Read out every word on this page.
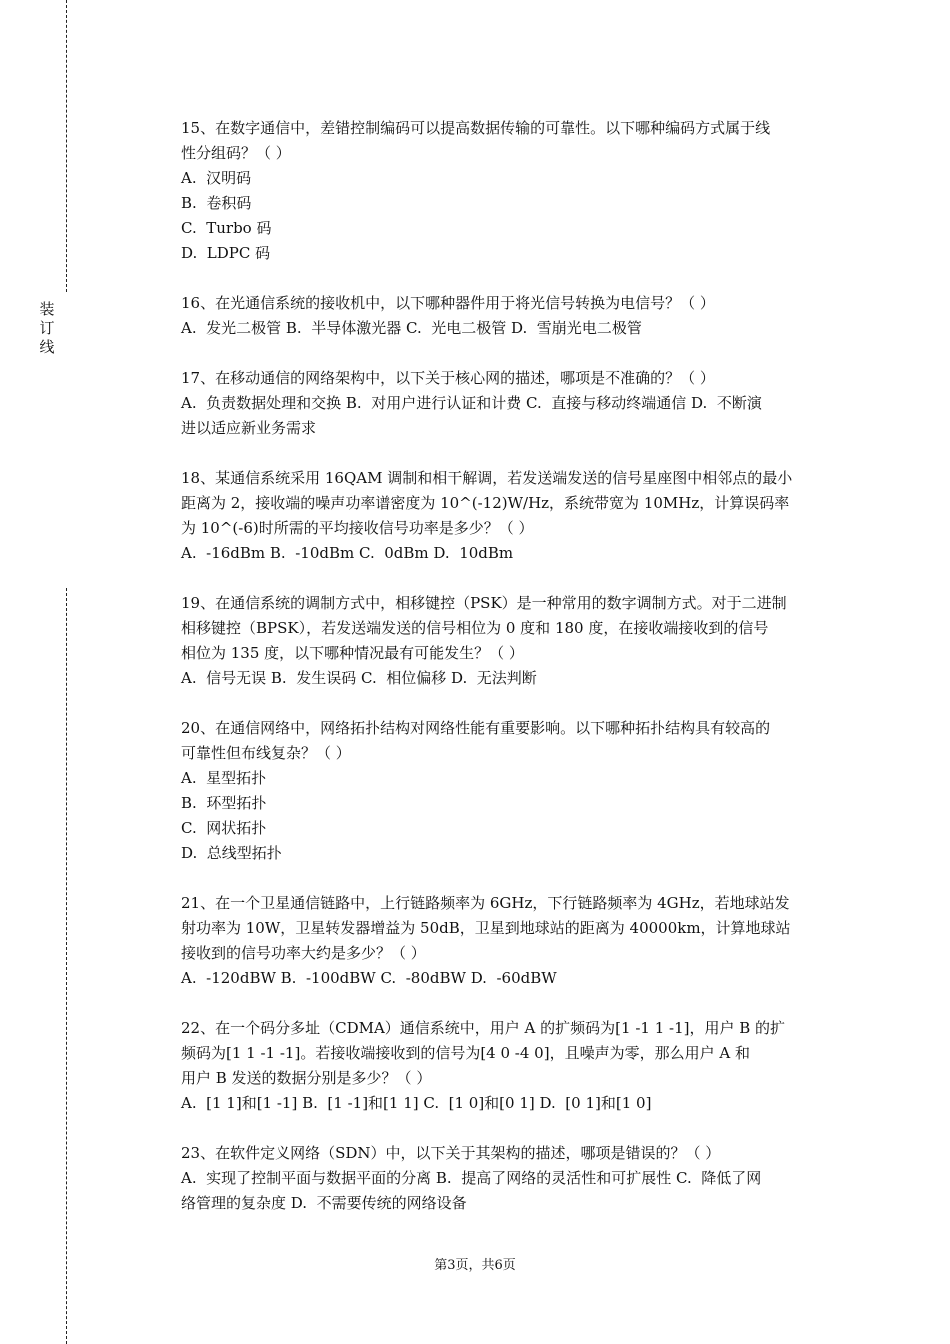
装
订
线
15、在数字通信中，差错控制编码可以提高数据传输的可靠性。以下哪种编码方式属于线
性分组码？（ ）
A.  汉明码
B.  卷积码
C.  Turbo 码
D.  LDPC 码
16、在光通信系统的接收机中，以下哪种器件用于将光信号转换为电信号？（ ）
A.  发光二极管 B.  半导体激光器 C.  光电二极管 D.  雪崩光电二极管
17、在移动通信的网络架构中，以下关于核心网的描述，哪项是不准确的？（ ）
A.  负责数据处理和交换 B.  对用户进行认证和计费 C.  直接与移动终端通信 D.  不断演
进以适应新业务需求
18、某通信系统采用 16QAM 调制和相干解调，若发送端发送的信号星座图中相邻点的最小
距离为 2，接收端的噪声功率谱密度为 10^(-12)W/Hz，系统带宽为 10MHz，计算误码率
为 10^(-6)时所需的平均接收信号功率是多少？（ ）
A.  -16dBm B.  -10dBm C.  0dBm D.  10dBm
19、在通信系统的调制方式中，相移键控（PSK）是一种常用的数字调制方式。对于二进制
相移键控（BPSK），若发送端发送的信号相位为 0 度和 180 度，在接收端接收到的信号
相位为 135 度，以下哪种情况最有可能发生？（ ）
A.  信号无误 B.  发生误码 C.  相位偏移 D.  无法判断
20、在通信网络中，网络拓扑结构对网络性能有重要影响。以下哪种拓扑结构具有较高的
可靠性但布线复杂？（ ）
A.  星型拓扑
B.  环型拓扑
C.  网状拓扑
D.  总线型拓扑
21、在一个卫星通信链路中，上行链路频率为 6GHz，下行链路频率为 4GHz，若地球站发
射功率为 10W，卫星转发器增益为 50dB，卫星到地球站的距离为 40000km，计算地球站
接收到的信号功率大约是多少？（ ）
A.  -120dBW B.  -100dBW C.  -80dBW D.  -60dBW
22、在一个码分多址（CDMA）通信系统中，用户 A 的扩频码为[1 -1 1 -1]，用户 B 的扩
频码为[1 1 -1 -1]。若接收端接收到的信号为[4 0 -4 0]，且噪声为零，那么用户 A 和
用户 B 发送的数据分别是多少？（ ）
A.  [1 1]和[1 -1] B.  [1 -1]和[1 1] C.  [1 0]和[0 1] D.  [0 1]和[1 0]
23、在软件定义网络（SDN）中，以下关于其架构的描述，哪项是错误的？（ ）
A.  实现了控制平面与数据平面的分离 B.  提高了网络的灵活性和可扩展性 C.  降低了网
络管理的复杂度 D.  不需要传统的网络设备
第3页，共6页
